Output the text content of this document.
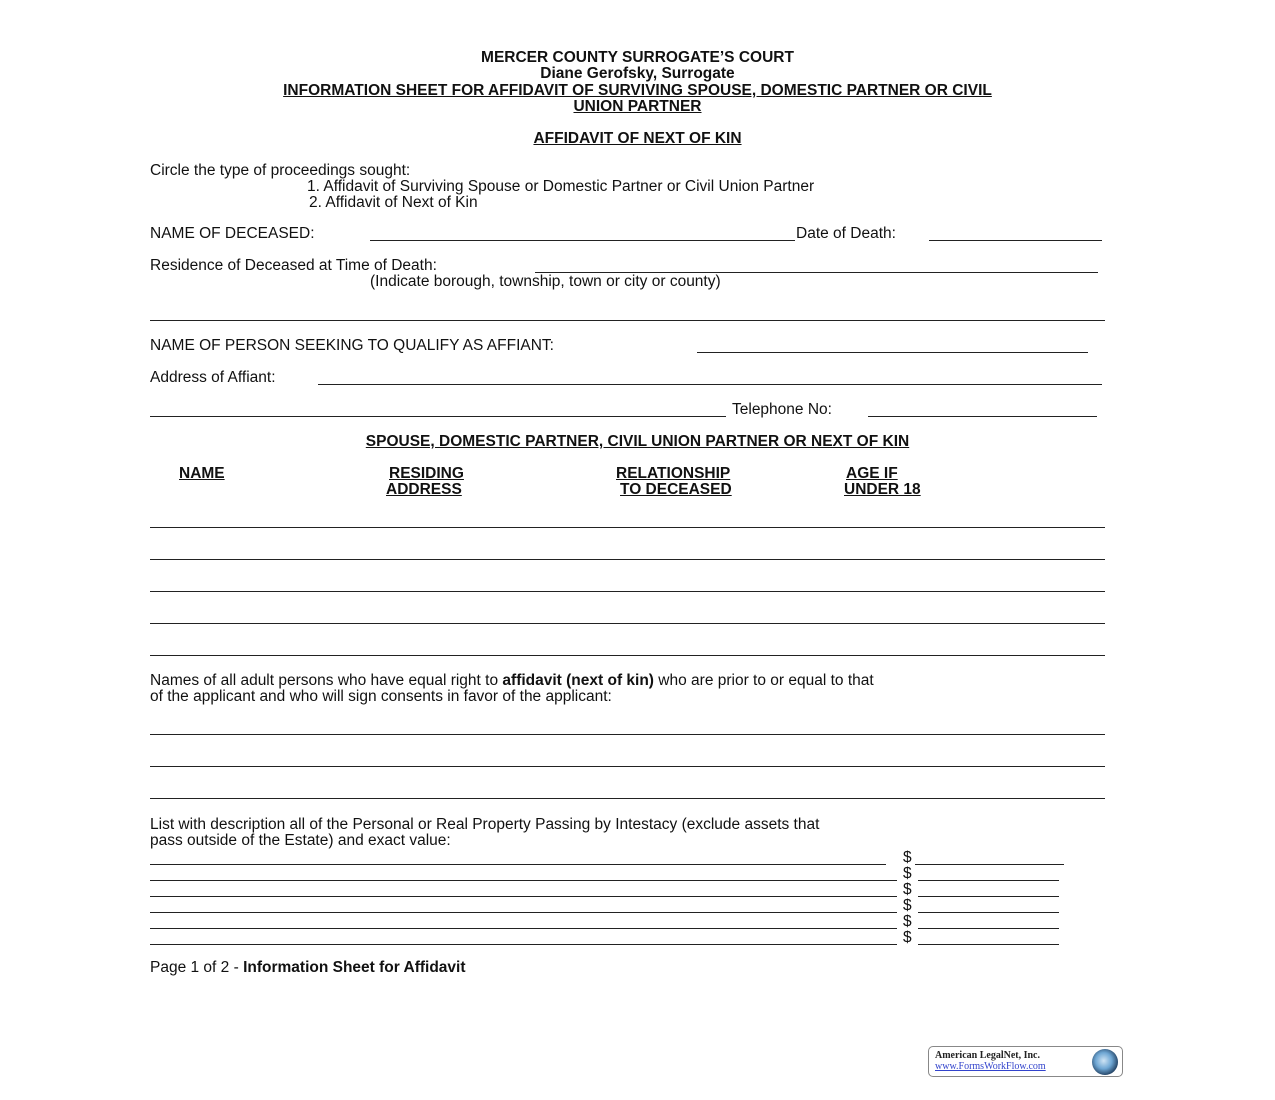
MERCER COUNTY SURROGATE’S COURT
Diane Gerofsky, Surrogate
INFORMATION SHEET FOR AFFIDAVIT OF SURVIVING SPOUSE, DOMESTIC PARTNER OR CIVIL
UNION PARTNER
AFFIDAVIT OF NEXT OF KIN
Circle the type of proceedings sought:
1. Affidavit of Surviving Spouse or Domestic Partner or Civil Union Partner
2. Affidavit of Next of Kin
NAME OF DECEASED:	Date of Death:
Residence of Deceased at Time of Death:
(Indicate borough, township, town or city or county)
NAME OF PERSON SEEKING TO QUALIFY AS AFFIANT:
Address of Affiant:
Telephone No:
SPOUSE, DOMESTIC PARTNER, CIVIL UNION PARTNER OR NEXT OF KIN
NAME	RESIDING
ADDRESS
RELATIONSHIP
TO DECEASED
AGE IF
UNDER 18
Names of all adult persons who have equal right to affidavit (next of kin) who are prior to or equal to that
of the applicant and who will sign consents in favor of the applicant:
List with description all of the Personal or Real Property Passing by Intestacy (exclude assets that
pass outside of the Estate) and exact value:
$
$
$
$
$
$
Page 1 of 2 - Information Sheet for Affidavit
American LegalNet, Inc.
www.FormsWorkFlow.com
